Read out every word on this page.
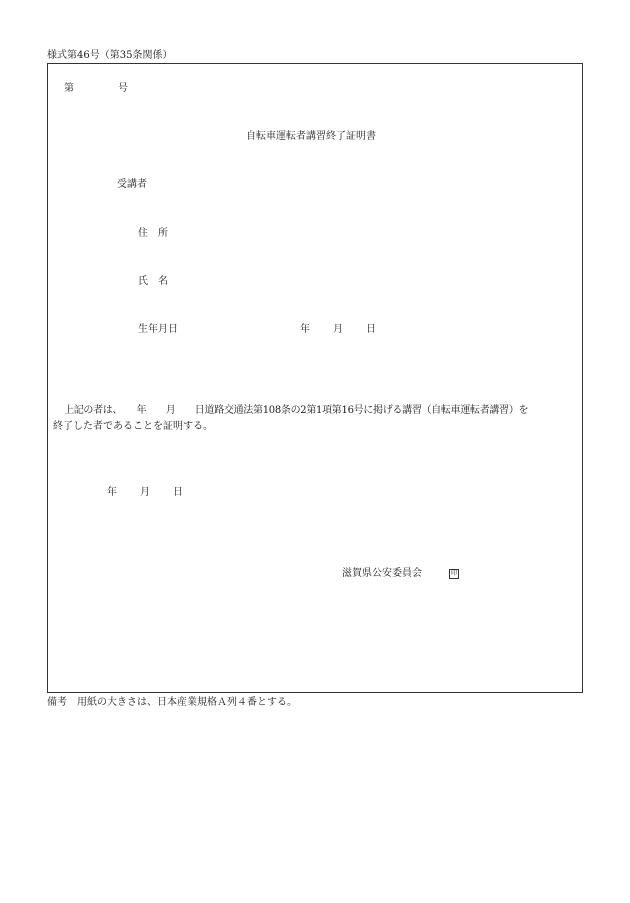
様式第46号（第35条関係）
第	号
自転車運転者講習終了証明書
受講者
住　所
氏　名
生年月日	年 月 日
上記の者は、　　年　　月　　日道路交通法第108条の2第1項第16号に掲げる講習（自転車運転者講習）を
終了した者であることを証明する。
年 月 日
滋賀県公安委員会	印
備考　用紙の大きさは、日本産業規格Ａ列４番とする。
